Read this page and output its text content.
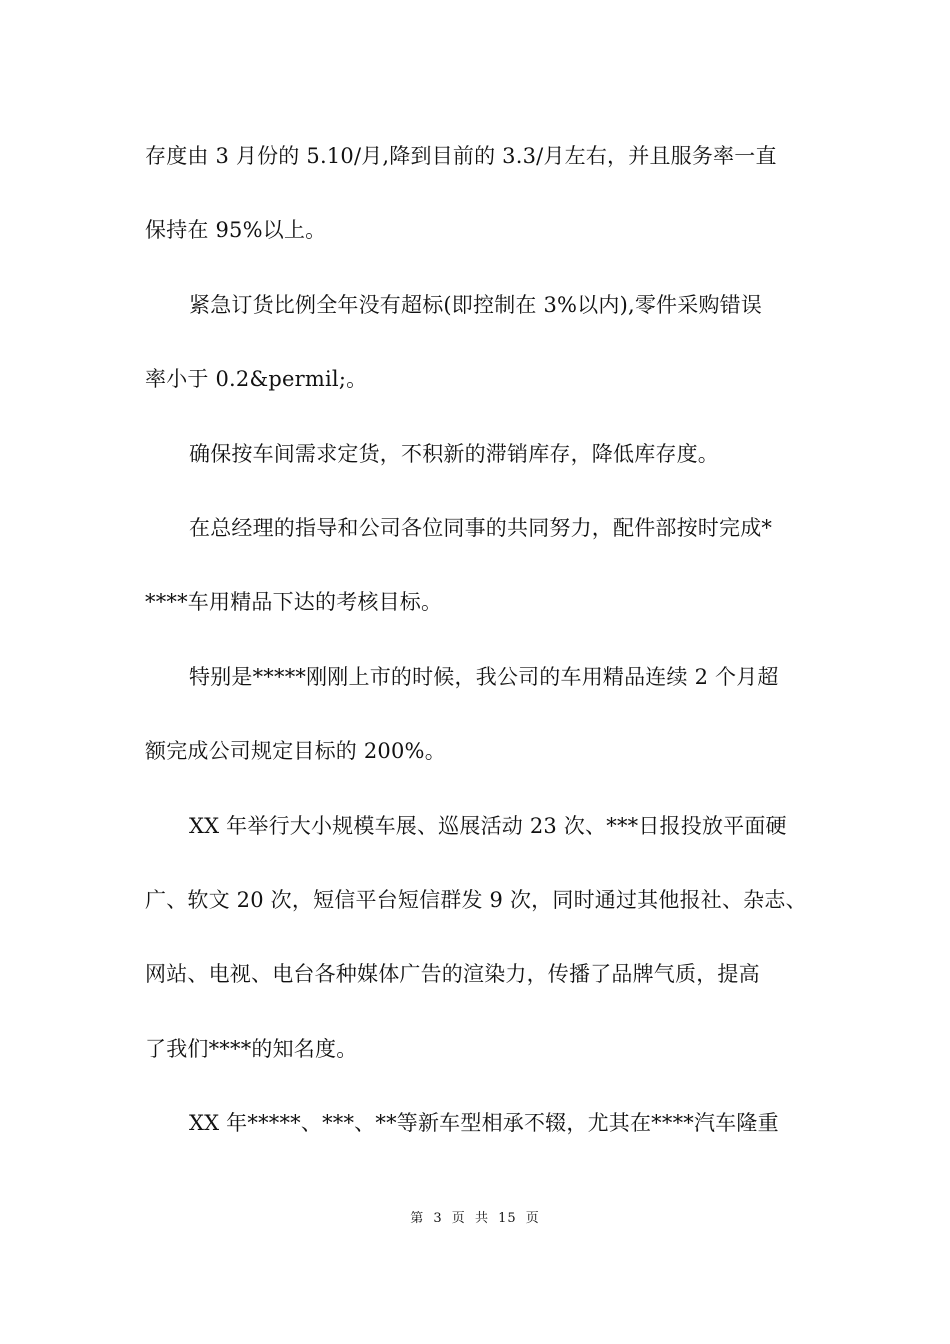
存度由 3 月份的 5.10/月,降到目前的 3.3/月左右，并且服务率一直
保持在 95%以上。
紧急订货比例全年没有超标(即控制在 3%以内),零件采购错误
率小于 0.2&permil;。
确保按车间需求定货，不积新的滞销库存，降低库存度。
在总经理的指导和公司各位同事的共同努力，配件部按时完成*
****车用精品下达的考核目标。
特别是*****刚刚上市的时候，我公司的车用精品连续 2 个月超
额完成公司规定目标的 200%。
XX 年举行大小规模车展、巡展活动 23 次、***日报投放平面硬
广、软文 20 次，短信平台短信群发 9 次，同时通过其他报社、杂志、
网站、电视、电台各种媒体广告的渲染力，传播了品牌气质，提高
了我们****的知名度。
XX 年*****、***、**等新车型相承不辍，尤其在****汽车隆重
第 3 页 共 15 页
